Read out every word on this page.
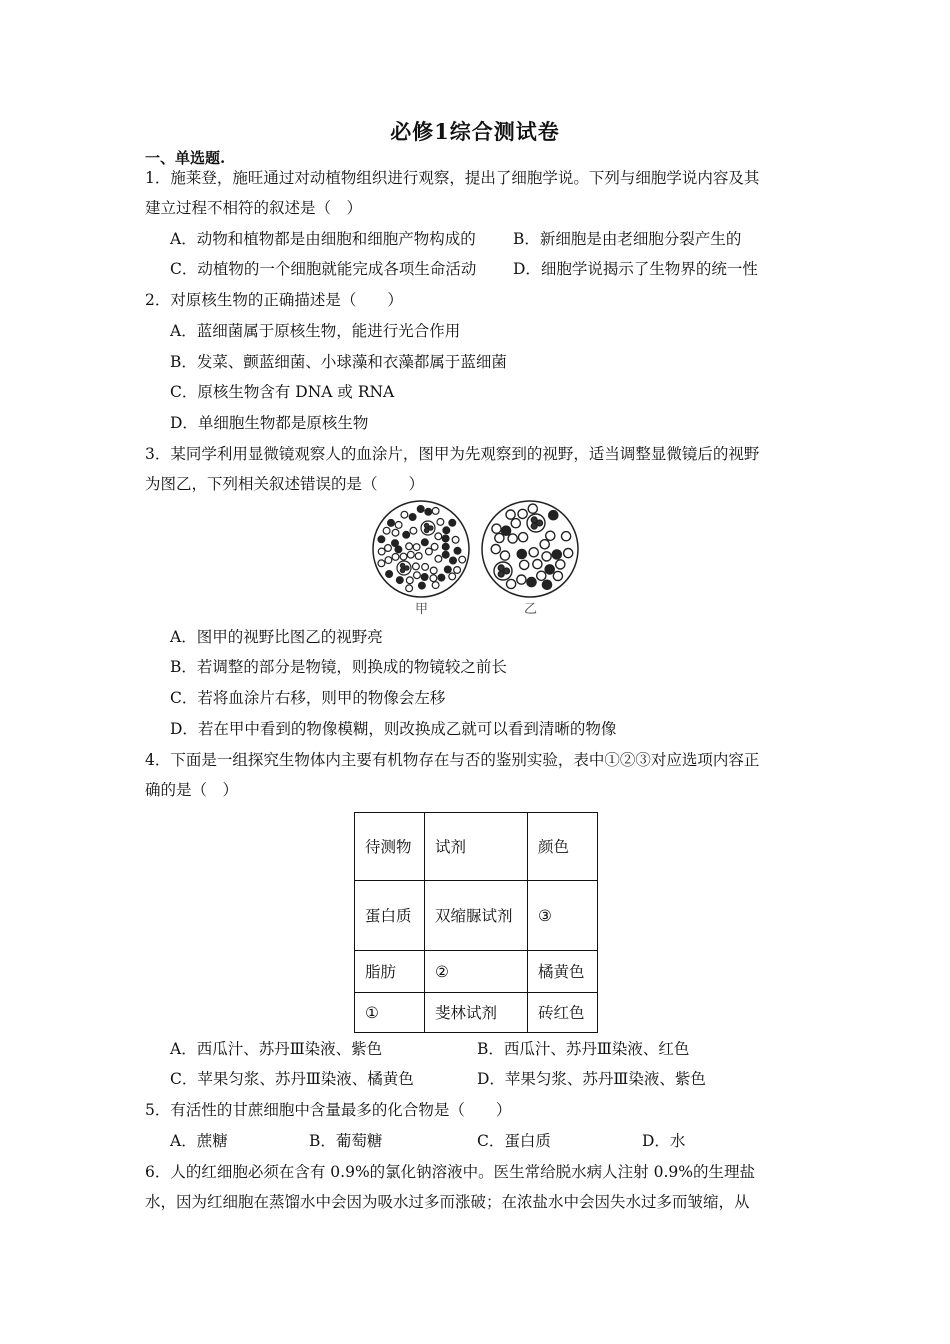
必修1综合测试卷
一、单选题.
1．施莱登，施旺通过对动植物组织进行观察，提出了细胞学说。下列与细胞学说内容及其
建立过程不相符的叙述是（　）
A．动物和植物都是由细胞和细胞产物构成的 B．新细胞是由老细胞分裂产生的
C．动植物的一个细胞就能完成各项生命活动 D．细胞学说揭示了生物界的统一性
2．对原核生物的正确描述是（　　）
A．蓝细菌属于原核生物，能进行光合作用
B．发菜、颤蓝细菌、小球藻和衣藻都属于蓝细菌
C．原核生物含有 DNA 或 RNA
D．单细胞生物都是原核生物
3．某同学利用显微镜观察人的血涂片，图甲为先观察到的视野，适当调整显微镜后的视野
为图乙，下列相关叙述错误的是（　　）
甲	乙
A．图甲的视野比图乙的视野亮
B．若调整的部分是物镜，则换成的物镜较之前长
C．若将血涂片右移，则甲的物像会左移
D．若在甲中看到的物像模糊，则改换成乙就可以看到清晰的物像
4．下面是一组探究生物体内主要有机物存在与否的鉴别实验，表中①②③对应选项内容正
确的是（　）
待测物	试剂	颜色
蛋白质	双缩脲试剂	③
脂肪	②	橘黄色
①	斐林试剂	砖红色
A．西瓜汁、苏丹Ⅲ染液、紫色	B．西瓜汁、苏丹Ⅲ染液、红色
C．苹果匀浆、苏丹Ⅲ染液、橘黄色	D．苹果匀浆、苏丹Ⅲ染液、紫色
5．有活性的甘蔗细胞中含量最多的化合物是（　　）
A．蔗糖	B．葡萄糖	C．蛋白质	D．水
6．人的红细胞必须在含有 0.9%的氯化钠溶液中。医生常给脱水病人注射 0.9%的生理盐
水，因为红细胞在蒸馏水中会因为吸水过多而涨破；在浓盐水中会因失水过多而皱缩，从
